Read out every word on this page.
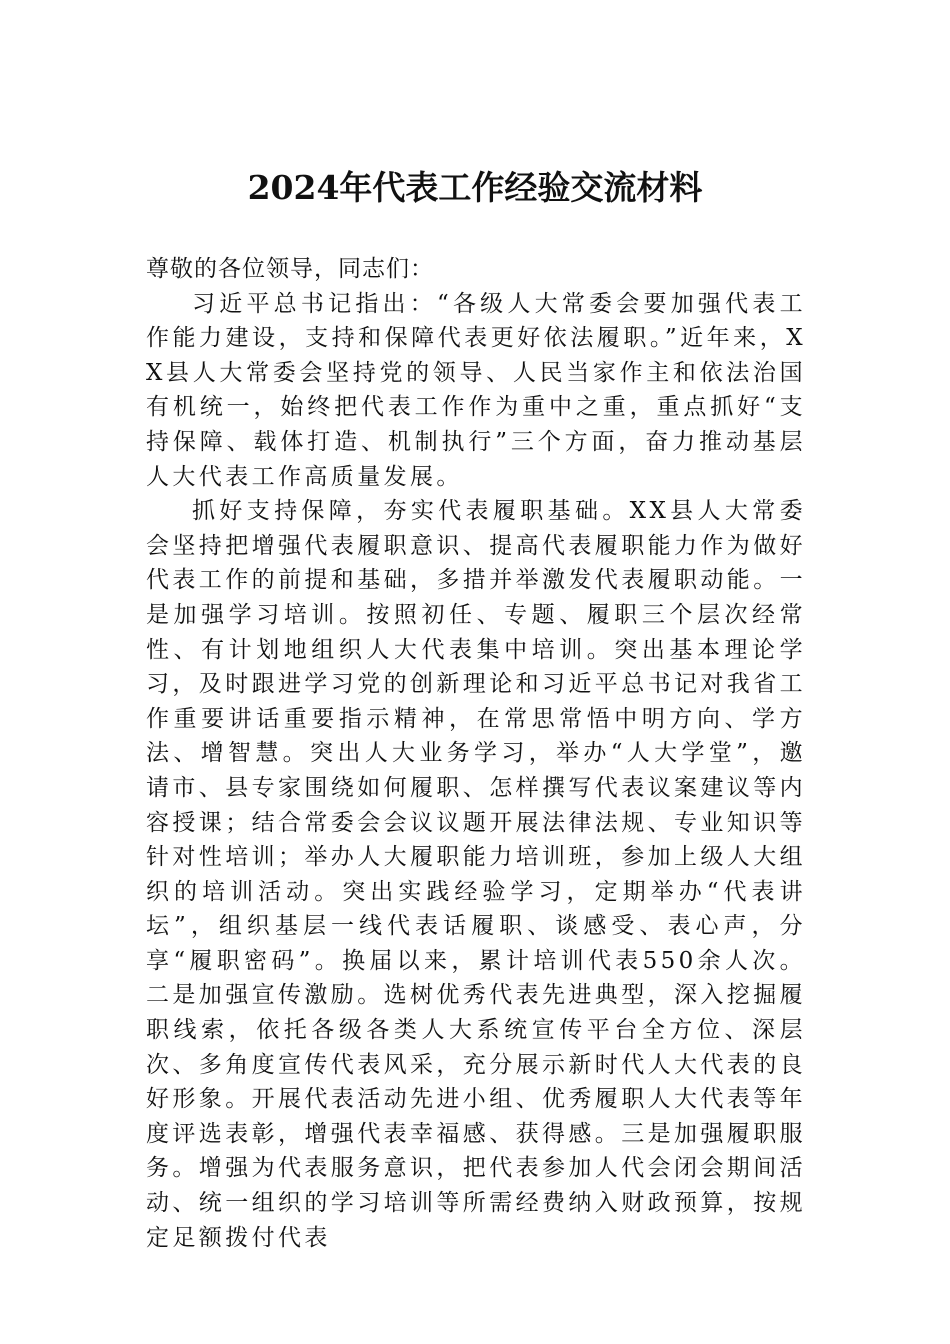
2024年代表工作经验交流材料

尊敬的各位领导，同志们：

习近平总书记指出：“各级人大常委会要加强代表工作能力建设，支持和保障代表更好依法履职。”近年来，XX县人大常委会坚持党的领导、人民当家作主和依法治国有机统一，始终把代表工作作为重中之重，重点抓好“支持保障、载体打造、机制执行”三个方面，奋力推动基层人大代表工作高质量发展。

抓好支持保障，夯实代表履职基础。XX县人大常委会坚持把增强代表履职意识、提高代表履职能力作为做好代表工作的前提和基础，多措并举激发代表履职动能。一是加强学习培训。按照初任、专题、履职三个层次经常性、有计划地组织人大代表集中培训。突出基本理论学习，及时跟进学习党的创新理论和习近平总书记对我省工作重要讲话重要指示精神，在常思常悟中明方向、学方法、增智慧。突出人大业务学习，举办“人大学堂”，邀请市、县专家围绕如何履职、怎样撰写代表议案建议等内容授课；结合常委会会议议题开展法律法规、专业知识等针对性培训；举办人大履职能力培训班，参加上级人大组织的培训活动。突出实践经验学习，定期举办“代表讲坛”，组织基层一线代表话履职、谈感受、表心声，分享“履职密码”。换届以来，累计培训代表550余人次。二是加强宣传激励。选树优秀代表先进典型，深入挖掘履职线索，依托各级各类人大系统宣传平台全方位、深层次、多角度宣传代表风采，充分展示新时代人大代表的良好形象。开展代表活动先进小组、优秀履职人大代表等年度评选表彰，增强代表幸福感、获得感。三是加强履职服务。增强为代表服务意识，把代表参加人代会闭会期间活动、统一组织的学习培训等所需经费纳入财政预算，按规定足额拨付代表
